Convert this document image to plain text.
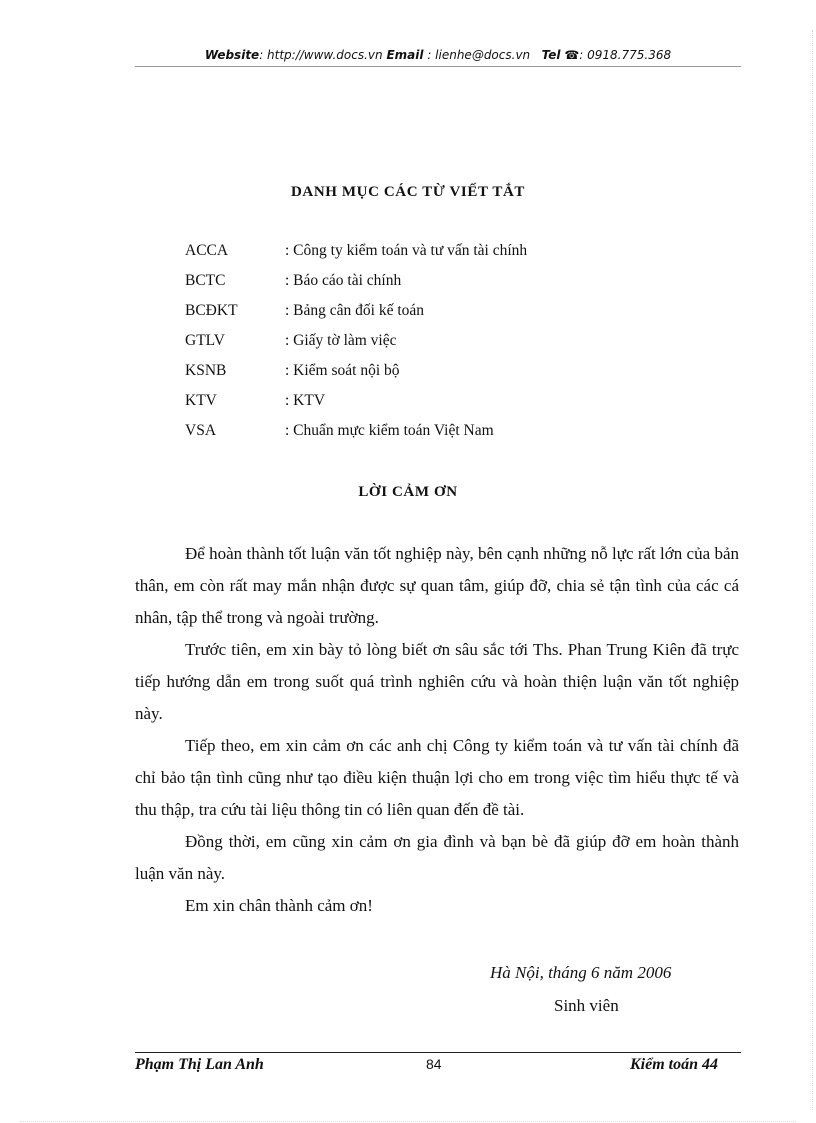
Website: http://www.docs.vn Email : lienhe@docs.vn Tel ☎: 0918.775.368
DANH MỤC CÁC TỪ VIẾT TẮT
ACCA	: Công ty kiểm toán và tư vấn tài chính
BCTC	: Báo cáo tài chính
BCĐKT	: Bảng cân đối kế toán
GTLV	: Giấy tờ làm việc
KSNB	: Kiểm soát nội bộ
KTV	: KTV
VSA	: Chuẩn mực kiểm toán Việt Nam
LỜI CẢM ƠN

Để hoàn thành tốt luận văn tốt nghiệp này, bên cạnh những nỗ lực rất lớn của bản thân, em còn rất may mắn nhận được sự quan tâm, giúp đỡ, chia sẻ tận tình của các cá nhân, tập thể trong và ngoài trường.

Trước tiên, em xin bày tỏ lòng biết ơn sâu sắc tới Ths. Phan Trung Kiên đã trực tiếp hướng dẫn em trong suốt quá trình nghiên cứu và hoàn thiện luận văn tốt nghiệp này.

Tiếp theo, em xin cảm ơn các anh chị Công ty kiểm toán và tư vấn tài chính đã chỉ bảo tận tình cũng như tạo điều kiện thuận lợi cho em trong việc tìm hiểu thực tế và thu thập, tra cứu tài liệu thông tin có liên quan đến đề tài.

Đồng thời, em cũng xin cảm ơn gia đình và bạn bè đã giúp đỡ em hoàn thành luận văn này.

Em xin chân thành cảm ơn!

Hà Nội, tháng 6 năm 2006
Sinh viên
Phạm Thị Lan Anh	84	Kiểm toán 44
